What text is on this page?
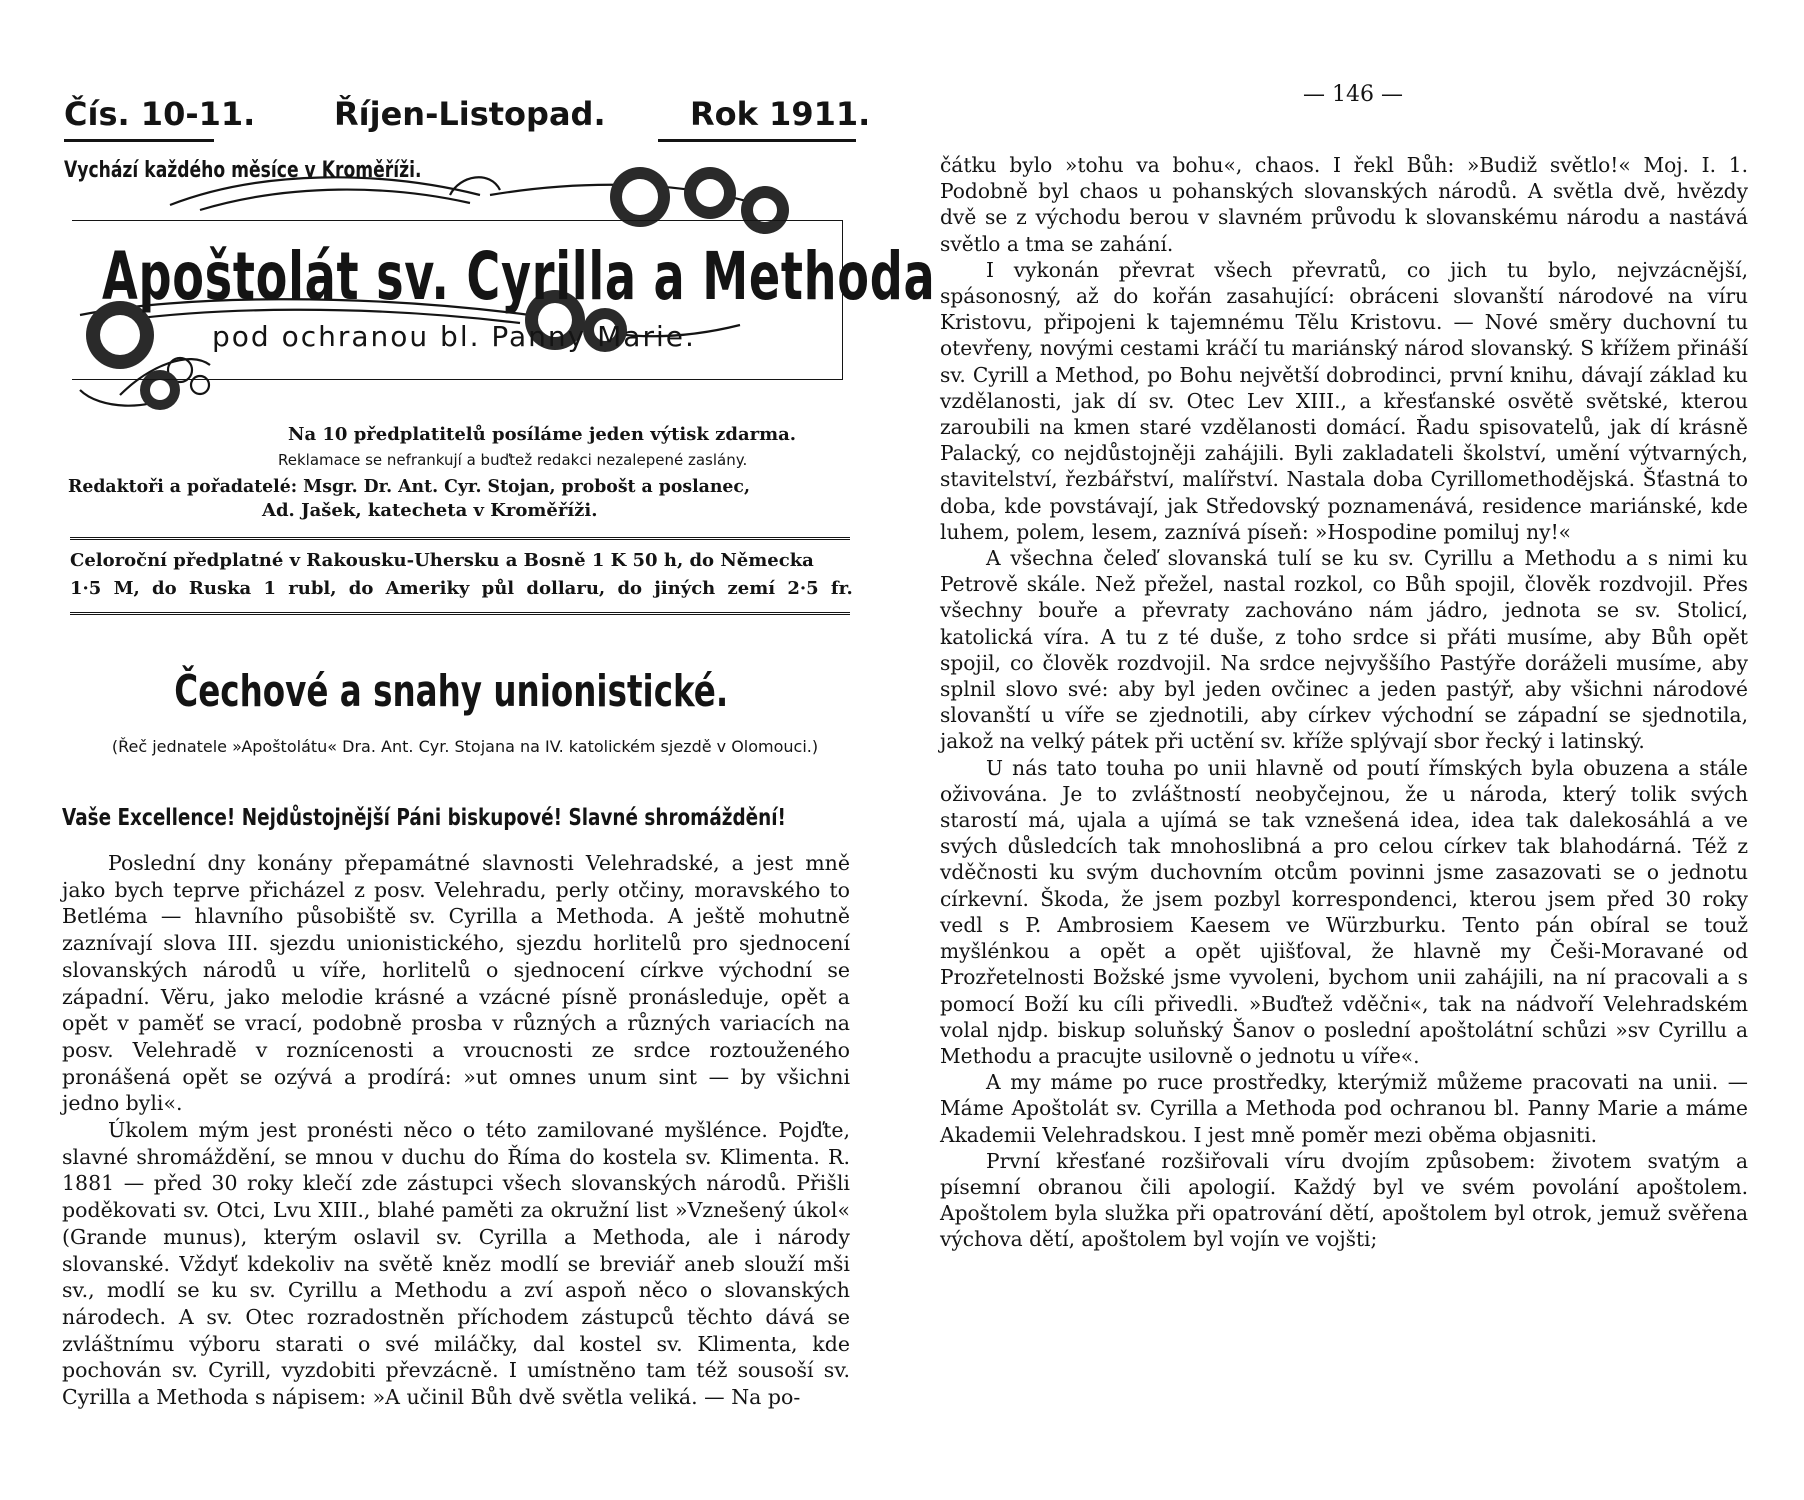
Čís. 10-11. Říjen-Listopad.	Rok 1911.
Vychází každého měsíce v Kroměříži.
Apoštolát sv. Cyrilla a Methoda
pod ochranou bl. Panny Marie.
Na 10 předplatitelů posíláme jeden výtisk zdarma.
Reklamace se nefrankují a buďtež redakci nezalepené zaslány.
Redaktoři a pořadatelé: Msgr. Dr. Ant. Cyr. Stojan, probošt a poslanec,
Ad. Jašek, katecheta v Kroměříži.
Celoroční předplatné v Rakousku-Uhersku a Bosně 1 K 50 h, do Německa
1·5 M, do Ruska 1 rubl, do Ameriky půl dollaru, do jiných zemí 2·5 fr.
Čechové a snahy unionistické.
(Řeč jednatele »Apoštolátu« Dra. Ant. Cyr. Stojana na IV. katolickém sjezdě v Olomouci.)
Vaše Excellence! Nejdůstojnější Páni biskupové! Slavné shromáždění!

Poslední dny konány přepamátné slavnosti Velehradské, a jest mně jako bych teprve přicházel z posv. Velehradu, perly otčiny, moravského to Betléma — hlavního působiště sv. Cyrilla a Methoda. A ještě mohutně zaznívají slova III. sjezdu unionistického, sjezdu horlitelů pro sjednocení slovanských národů u víře, horlitelů o sjednocení církve východní se západní. Věru, jako melodie krásné a vzácné písně pronásleduje, opět a opět v paměť se vrací, podobně prosba v různých a různých variacích na posv. Velehradě v roznícenosti a vroucnosti ze srdce roztouženého pronášená opět se ozývá a prodírá: »ut omnes unum sint — by všichni jedno byli«.

Úkolem mým jest pronésti něco o této zamilované myšlénce. Pojďte, slavné shromáždění, se mnou v duchu do Říma do kostela sv. Klimenta. R. 1881 — před 30 roky klečí zde zástupci všech slovanských národů. Přišli poděkovati sv. Otci, Lvu XIII., blahé paměti za okružní list »Vznešený úkol« (Grande munus), kterým oslavil sv. Cyrilla a Methoda, ale i národy slovanské. Vždyť kdekoliv na světě kněz modlí se breviář aneb slouží mši sv., modlí se ku sv. Cyrillu a Methodu a zví aspoň něco o slovanských národech. A sv. Otec rozradostněn příchodem zástupců těchto dává se zvláštnímu výboru starati o své miláčky, dal kostel sv. Klimenta, kde pochován sv. Cyrill, vyzdobiti převzácně. I umístněno tam též sousoší sv. Cyrilla a Methoda s nápisem: »A učinil Bůh dvě světla veliká. — Na po-

— 146 —

čátku bylo »tohu va bohu«, chaos. I řekl Bůh: »Budiž světlo!« Moj. I. 1. Podobně byl chaos u pohanských slovanských národů. A světla dvě, hvězdy dvě se z východu berou v slavném průvodu k slovanskému národu a nastává světlo a tma se zahání.

I vykonán převrat všech převratů, co jich tu bylo, nejvzácnější, spásonosný, až do kořán zasahující: obráceni slovanští národové na víru Kristovu, připojeni k tajemnému Tělu Kristovu. — Nové směry duchovní tu otevřeny, novými cestami kráčí tu mariánský národ slovanský. S křížem přináší sv. Cyrill a Method, po Bohu největší dobrodinci, první knihu, dávají základ ku vzdělanosti, jak dí sv. Otec Lev XIII., a křesťanské osvětě světské, kterou zaroubili na kmen staré vzdělanosti domácí. Řadu spisovatelů, jak dí krásně Palacký, co nejdůstojněji zahájili. Byli zakladateli školství, umění výtvarných, stavitelství, řezbářství, malířství. Nastala doba Cyrillomethodějská. Šťastná to doba, kde povstávají, jak Středovský poznamenává, residence mariánské, kde luhem, polem, lesem, zaznívá píseň: »Hospodine pomiluj ny!«

A všechna čeleď slovanská tulí se ku sv. Cyrillu a Methodu a s nimi ku Petrově skále. Než přežel, nastal rozkol, co Bůh spojil, člověk rozdvojil. Přes všechny bouře a převraty zachováno nám jádro, jednota se sv. Stolicí, katolická víra. A tu z té duše, z toho srdce si přáti musíme, aby Bůh opět spojil, co člověk rozdvojil. Na srdce nejvyššího Pastýře doráželi musíme, aby splnil slovo své: aby byl jeden ovčinec a jeden pastýř, aby všichni národové slovanští u víře se zjednotili, aby církev východní se západní se sjednotila, jakož na velký pátek při uctění sv. kříže splývají sbor řecký i latinský.

U nás tato touha po unii hlavně od poutí římských byla obuzena a stále oživována. Je to zvláštností neobyčejnou, že u národa, který tolik svých starostí má, ujala a ujímá se tak vznešená idea, idea tak dalekosáhlá a ve svých důsledcích tak mnohoslibná a pro celou církev tak blahodárná. Též z vděčnosti ku svým duchovním otcům povinni jsme zasazovati se o jednotu církevní. Škoda, že jsem pozbyl korrespondenci, kterou jsem před 30 roky vedl s P. Ambrosiem Kaesem ve Würzburku. Tento pán obíral se touž myšlénkou a opět a opět ujišťoval, že hlavně my Češi-Moravané od Prozřetelnosti Božské jsme vyvoleni, bychom unii zahájili, na ní pracovali a s pomocí Boží ku cíli přivedli. »Buďtež vděčni«, tak na nádvoří Velehradském volal njdp. biskup soluňský Šanov o poslední apoštolátní schůzi »sv Cyrillu a Methodu a pracujte usilovně o jednotu u víře«.

A my máme po ruce prostředky, kterýmiž můžeme pracovati na unii. — Máme Apoštolát sv. Cyrilla a Methoda pod ochranou bl. Panny Marie a máme Akademii Velehradskou. I jest mně poměr mezi oběma objasniti.

První křesťané rozšiřovali víru dvojím způsobem: životem svatým a písemní obranou čili apologií. Každý byl ve svém povolání apoštolem. Apoštolem byla služka při opatrování dětí, apoštolem byl otrok, jemuž svěřena výchova dětí, apoštolem byl vojín ve vojšti;
